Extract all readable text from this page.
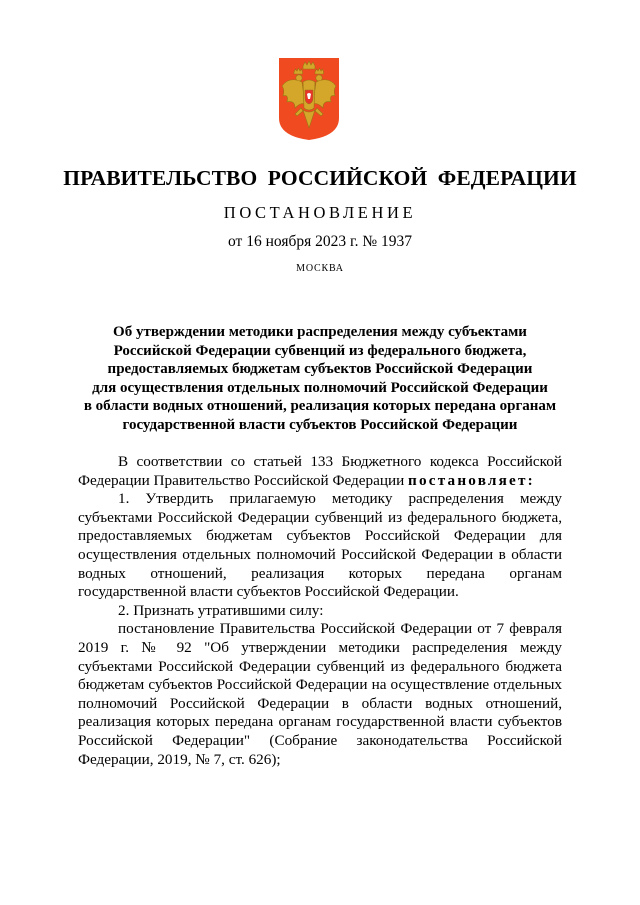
ПРАВИТЕЛЬСТВО РОССИЙСКОЙ ФЕДЕРАЦИИ
ПОСТАНОВЛЕНИЕ
от 16 ноября 2023 г. № 1937
МОСКВА
Об утверждении методики распределения между субъектами
Российской Федерации субвенций из федерального бюджета,
предоставляемых бюджетам субъектов Российской Федерации
для осуществления отдельных полномочий Российской Федерации
в области водных отношений, реализация которых передана органам
государственной власти субъектов Российской Федерации

В соответствии со статьей 133 Бюджетного кодекса Российской Федерации Правительство Российской Федерации постановляет:

1. Утвердить прилагаемую методику распределения между субъектами Российской Федерации субвенций из федерального бюджета, предоставляемых бюджетам субъектов Российской Федерации для осуществления отдельных полномочий Российской Федерации в области водных отношений, реализация которых передана органам государственной власти субъектов Российской Федерации.

2. Признать утратившими силу:

постановление Правительства Российской Федерации от 7 февраля 2019 г. № 92 "Об утверждении методики распределения между субъектами Российской Федерации субвенций из федерального бюджета бюджетам субъектов Российской Федерации на осуществление отдельных полномочий Российской Федерации в области водных отношений, реализация которых передана органам государственной власти субъектов Российской Федерации" (Собрание законодательства Российской Федерации, 2019, № 7, ст. 626);
